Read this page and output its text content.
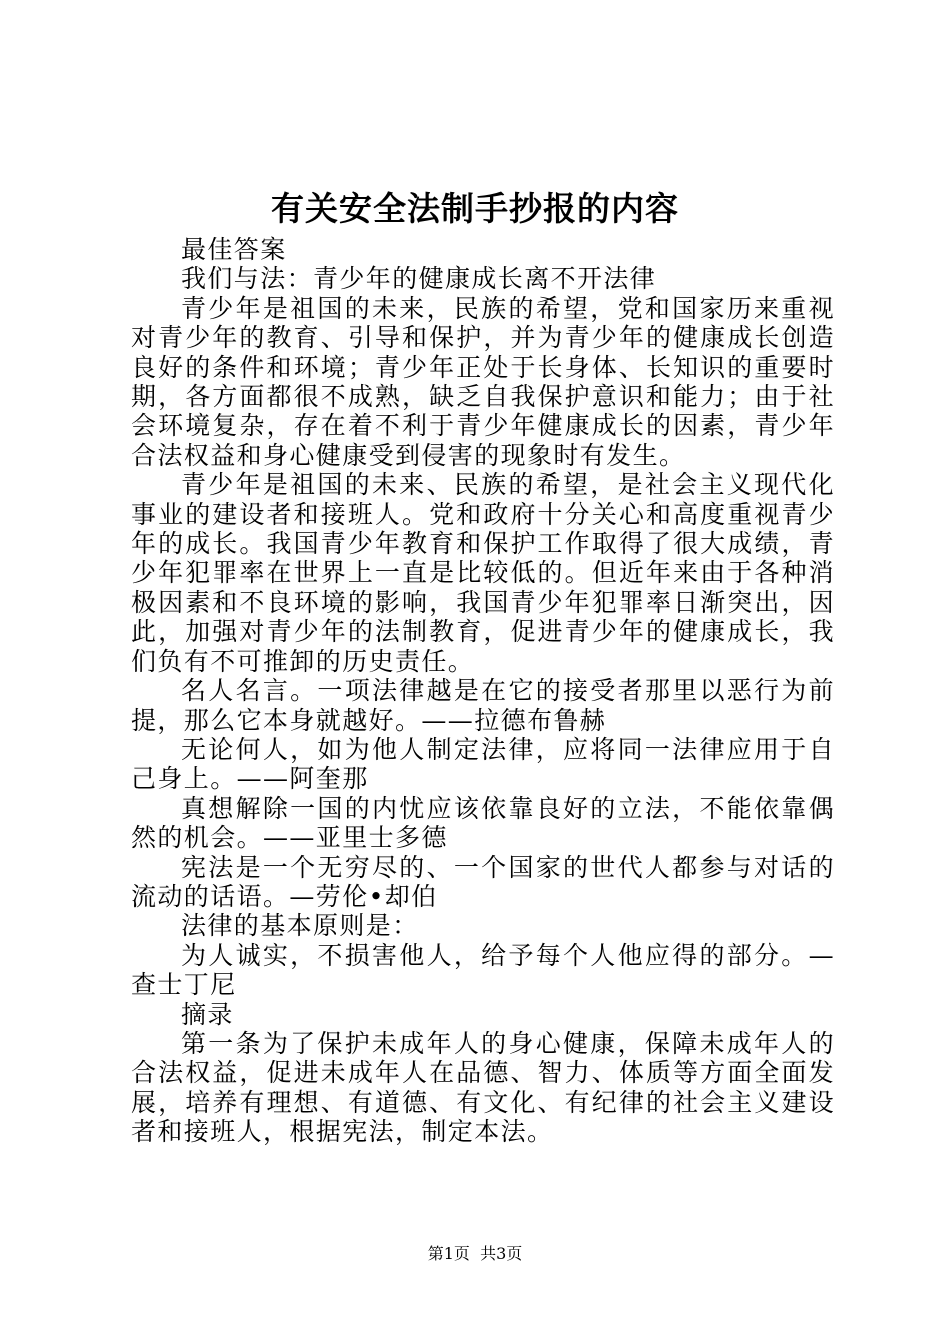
有关安全法制手抄报的内容

最佳答案

我们与法：青少年的健康成长离不开法律

青少年是祖国的未来，民族的希望，党和国家历来重视对青少年的教育、引导和保护，并为青少年的健康成长创造良好的条件和环境；青少年正处于长身体、长知识的重要时期，各方面都很不成熟，缺乏自我保护意识和能力；由于社会环境复杂，存在着不利于青少年健康成长的因素，青少年合法权益和身心健康受到侵害的现象时有发生。

青少年是祖国的未来、民族的希望，是社会主义现代化事业的建设者和接班人。党和政府十分关心和高度重视青少年的成长。我国青少年教育和保护工作取得了很大成绩，青少年犯罪率在世界上一直是比较低的。但近年来由于各种消极因素和不良环境的影响，我国青少年犯罪率日渐突出，因此，加强对青少年的法制教育，促进青少年的健康成长，我们负有不可推卸的历史责任。

名人名言。一项法律越是在它的接受者那里以恶行为前提，那么它本身就越好。——拉德布鲁赫

无论何人，如为他人制定法律，应将同一法律应用于自己身上。——阿奎那

真想解除一国的内忧应该依靠良好的立法，不能依靠偶然的机会。——亚里士多德

宪法是一个无穷尽的、一个国家的世代人都参与对话的流动的话语。—劳伦•却伯

法律的基本原则是：

为人诚实，不损害他人，给予每个人他应得的部分。—查士丁尼

摘录

第一条为了保护未成年人的身心健康，保障未成年人的合法权益，促进未成年人在品德、智力、体质等方面全面发展，培养有理想、有道德、有文化、有纪律的社会主义建设者和接班人，根据宪法，制定本法。

第1页  共3页
